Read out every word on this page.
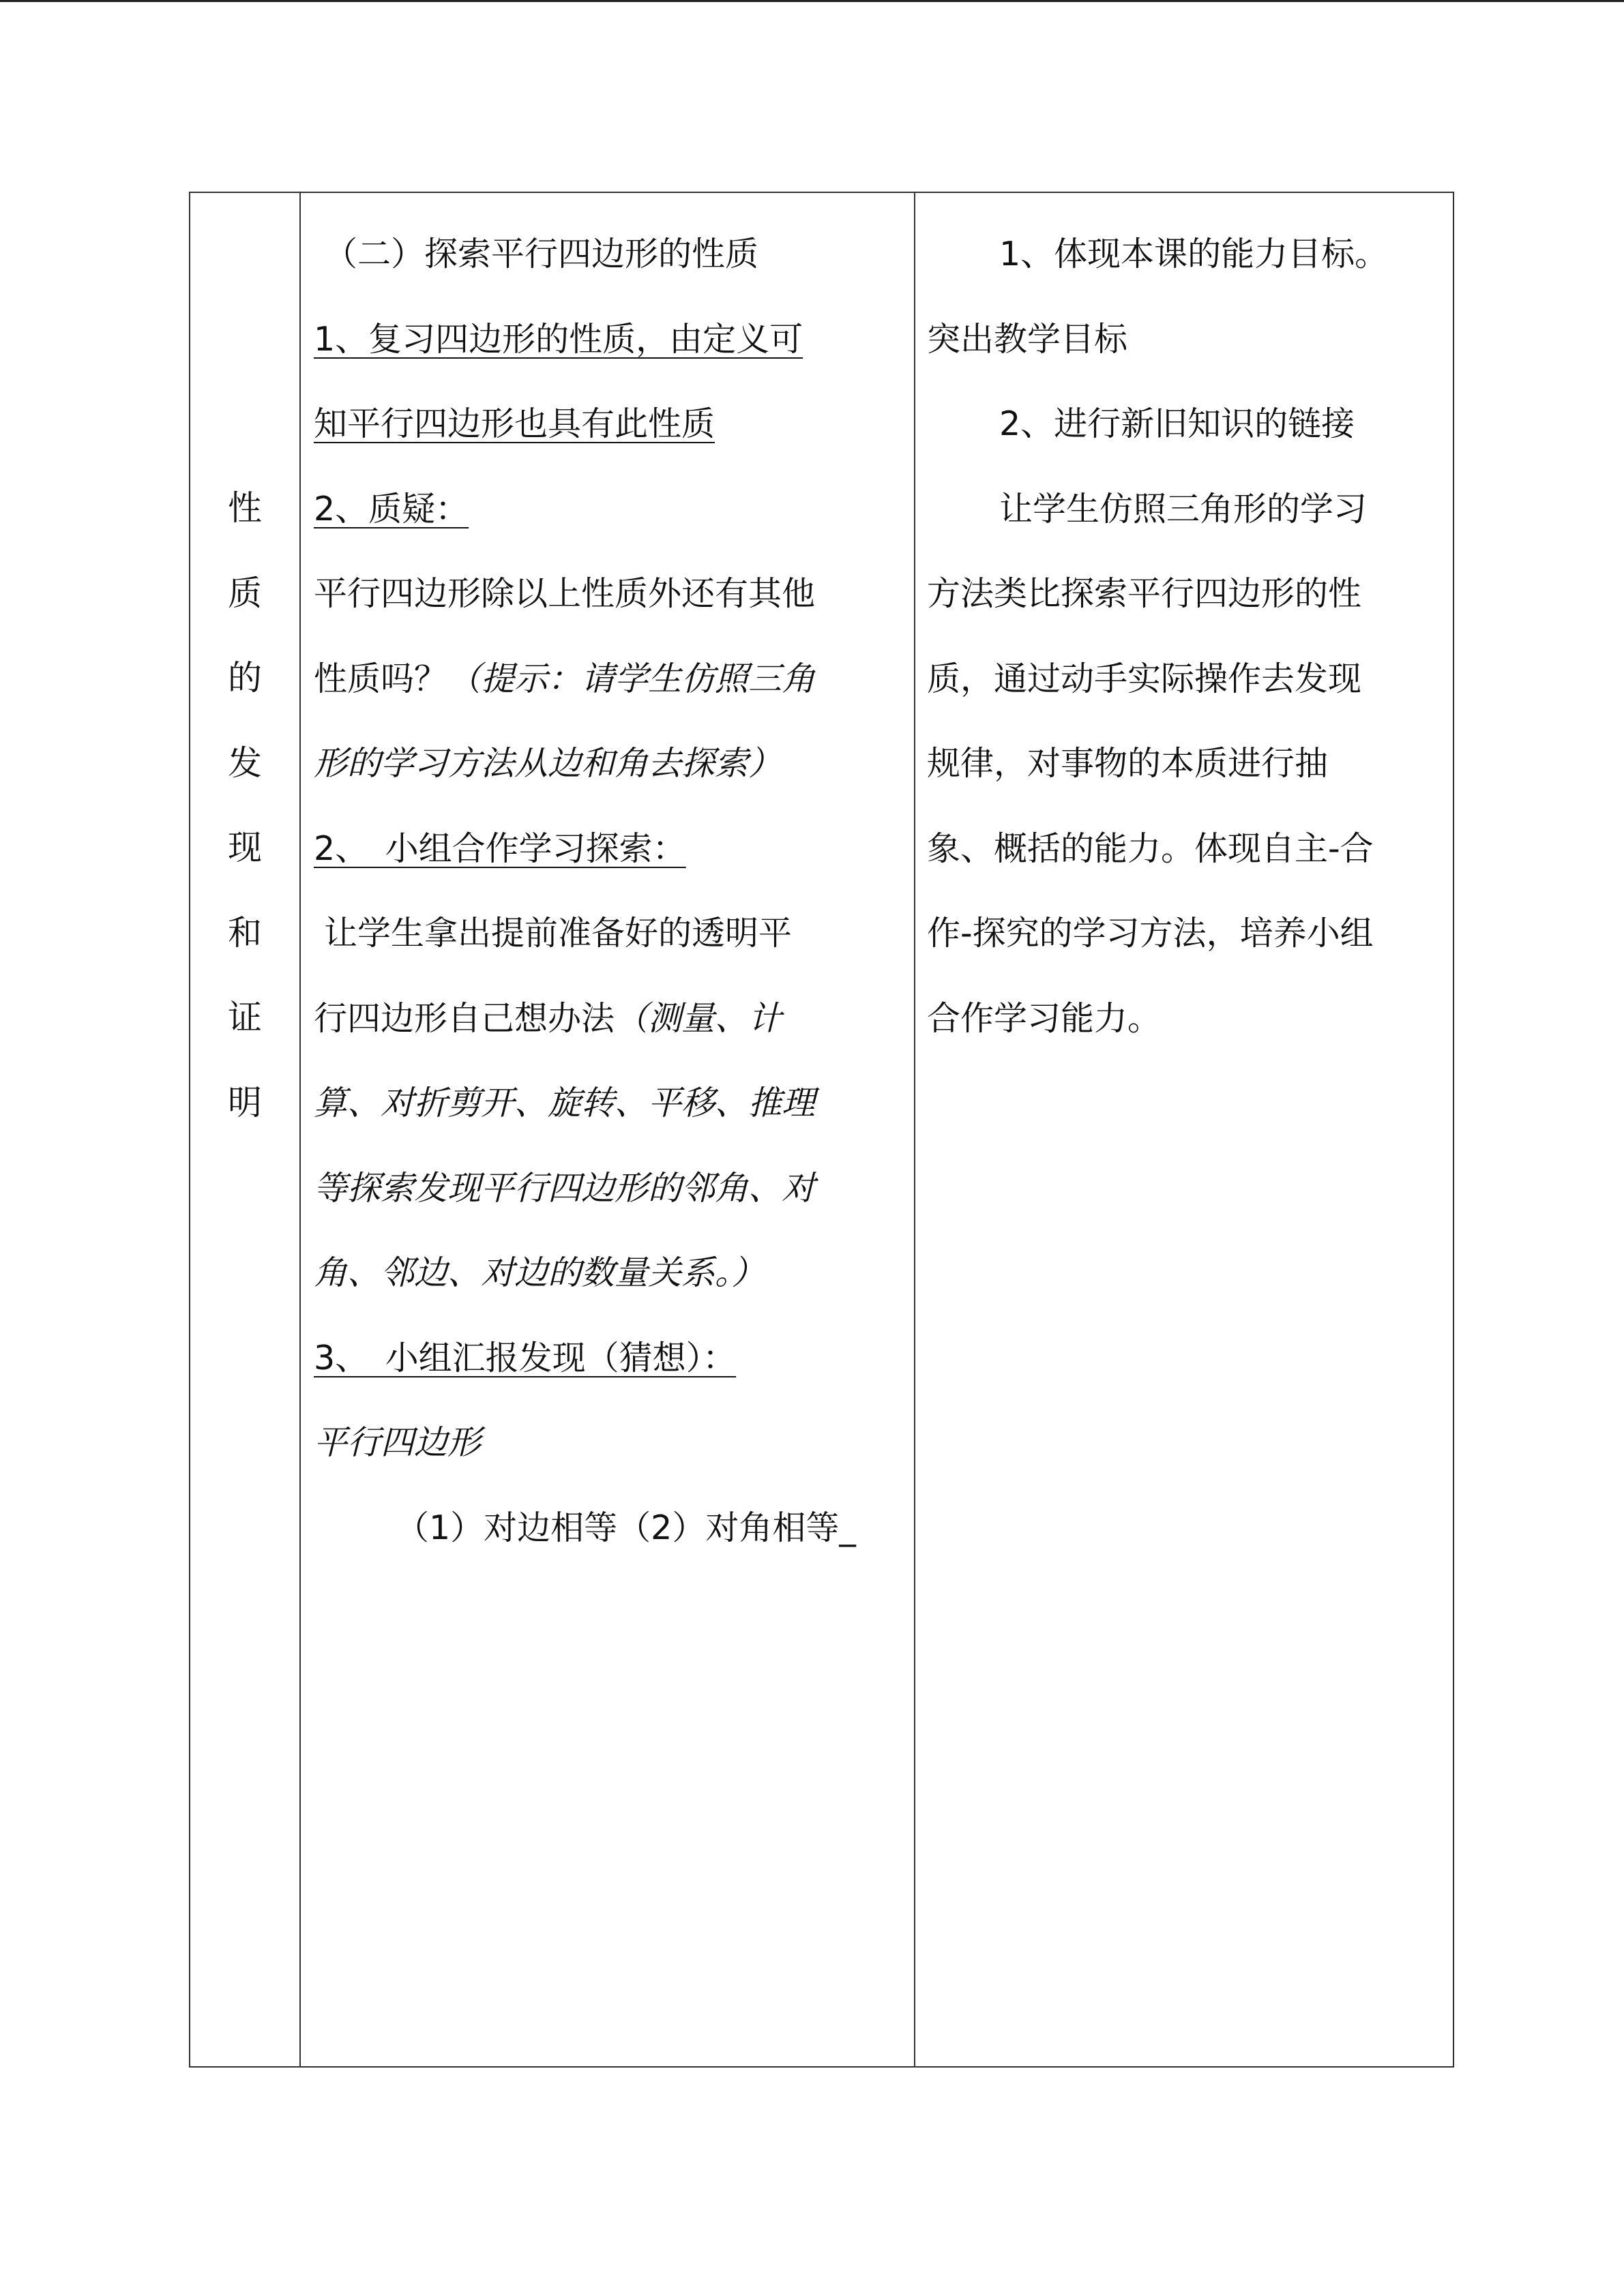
性
质
的
发
现
和
证
明
（二）探索平行四边形的性质
1、复习四边形的性质，由定义可
知平行四边形也具有此性质
2、质疑：
平行四边形除以上性质外还有其他
性质吗？（提示：请学生仿照三角
形的学习方法从边和角去探索）
2、　小组合作学习探索：
让学生拿出提前准备好的透明平
行四边形自己想办法（测量、计
算、对折剪开、旋转、平移、推理
等探索发现平行四边形的邻角、对
角、邻边、对边的数量关系。）
3、　小组汇报发现（猜想）：
平行四边形
（1）对边相等（2）对角相等_
1、体现本课的能力目标。
突出教学目标
2、进行新旧知识的链接
让学生仿照三角形的学习
方法类比探索平行四边形的性
质，通过动手实际操作去发现
规律，对事物的本质进行抽
象、概括的能力。体现自主-合
作-探究的学习方法，培养小组
合作学习能力。
